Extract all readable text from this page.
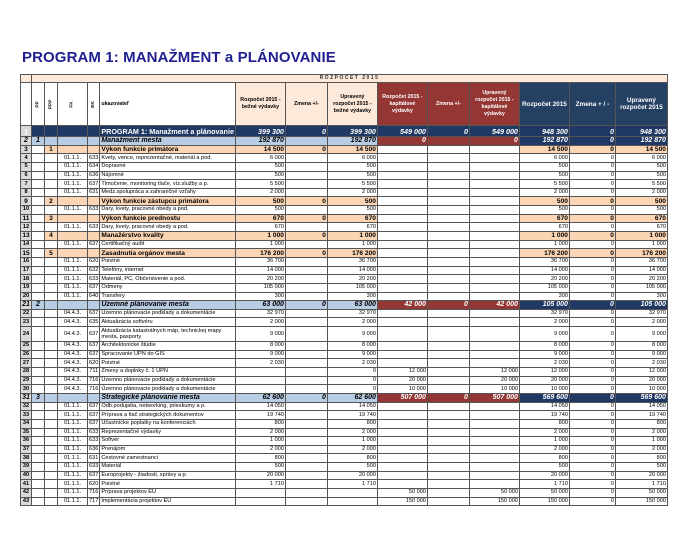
PROGRAM 1: MANAŽMENT a PLÁNOVANIE
	ROZPOČET 2015													
	PP	PPP	FK	EK	ukazovateľ	Rozpočet 2015 - bežné výdavky	Zmena +/-	Upravený rozpočet 2015 - bežné výdavky	Rozpočet 2015 - kapitálové výdavky	Zmena +/-	Upravený rozpočet 2015 - kapitálové výdavky	Rozpočet 2015	Zmena + / -	Upravený rozpočet 2015
1					PROGRAM 1: Manažment a plánovanie	399 300	0	399 300	549 000	0	549 000	948 300	0	948 300
2	1				Manažment mesta	192 870		192 870	0		0	192 870	0	192 870
3		1			Výkon funkcie primátora	14 500	0	14 500				14 500	0	14 500
4			01.1.1.	633	Kvety, vence, reprezentačné, materiál a pod.	6 000		6 000				6 000	0	6 000
5			01.1.1.	634	Dopravné	500		500				500	0	500
6			01.1.1.	636	Nájomné	500		500				500	0	500
7			01.1.1.	637	Tlmočenie, monitoring tlače, víz.služby a p.	5 500		5 500				5 500	0	5 500
8			01.1.1.	631	Medz.spolupráca a zahraničné vzťahy	2 000		2 000				2 000	0	2 000
9		2			Výkon funkcie zástupcu primátora	500	0	500				500	0	500
10			01.1.1.	633	Dary, kvety, pracovné obedy a pod.	500		500				500	0	500
11		3			Výkon funkcie prednostu	670	0	670				670	0	670
12			01.1.1.	633	Dary, kvety, pracovné obedy a pod.	670		670				670	0	670
13		4			Manažérstvo kvality	1 000	0	1 000				1 000	0	1 000
14			01.1.1.	637	Certifikačný audit	1 000		1 000				1 000	0	1 000
15		5			Zasadnutia orgánov mesta	176 200	0	176 200				176 200	0	176 200
16			01.1.1.	620	Poistné	36 700		36 700				36 700	0	36 700
17			01.1.1.	632	Telefóny, internet	14 000		14 000				14 000	0	14 000
18			01.1.1.	633	Materiál, PC, Občerstvenie a pod.	20 200		20 200				20 200	0	20 200
19			01.1.1.	637	Odmeny	105 000		105 000				105 000	0	105 000
20			01.1.1.	640	Transfery	300		300				300	0	300
21	2				Územné plánovanie mesta	63 000	0	63 000	42 000	0	42 000	105 000	0	105 000
22			04.4.3.	637	Územno plánovacie podklady a dokumentácie	32 970		32 970				32 970	0	32 970
23			04.4.3.	635	Aktualizácia softvéru	2 000		2 000				2 000	0	2 000
24			04.4.3.	637	Aktualizácia katastrálnych máp, technickej mapy mesta, pasporty	9 000		9 000				9 000	0	9 000
25			04.4.3.	637	Architektonické štúdie	8 000		8 000				8 000	0	8 000
26			04.4.3.	637	Spracovanie ÚPN do GIS	9 000		9 000				9 000	0	9 000
27			04.4.3.	620	Poistné	2 030		2 030				2 030	0	2 030
28			04.4.3.	711	Zmeny a doplnky č. 1 ÚPN			0	12 000		12 000	12 000	0	12 000
29			04.4.3.	716	Územno plánovacie podklady a dokumentácie			0	20 000		20 000	20 000	0	20 000
30			04.4.3.	716	Územno plánovacie podklady a dokumentácie			0	10 000		10 000	10 000	0	10 000
31	3				Strategické plánovanie mesta	62 600	0	62 600	507 000	0	507 000	569 600	0	569 600
32			01.1.1.	637	Odb.podujatia, networking, prieskumy a p.	14 050		14 050				14 050	0	14 050
33			01.1.1.	637	Príprava a tlač strategických dokumentov	19 740		19 740				19 740	0	19 740
34			01.1.1.	637	Účastnícke poplatky na konferenciách	800		800				800	0	800
35			01.1.1.	633	Reprezentačné výdavky	2 000		2 000				2 000	0	2 000
36			01.1.1.	633	Softvér	1 000		1 000				1 000	0	1 000
37			01.1.1.	636	Prenájom	2 000		2 000				2 000	0	2 000
38			01.1.1.	631	Cestovné zamestnanci	800		800				800	0	800
39			01.1.1.	633	Materiál	500		500				500	0	500
40			01.1.1.	637	Europrojekty - žiadosti, správy a p.	20 000		20 000				20 000	0	20 000
41			01.1.1.	620	Poistné	1 710		1 710				1 710	0	1 710
42			01.1.1.	716	Príprava projektov EU				50 000		50 000	50 000	0	50 000
43			01.1.1.	717	Implementácia projektov EU				150 000		150 000	150 000	0	150 000
